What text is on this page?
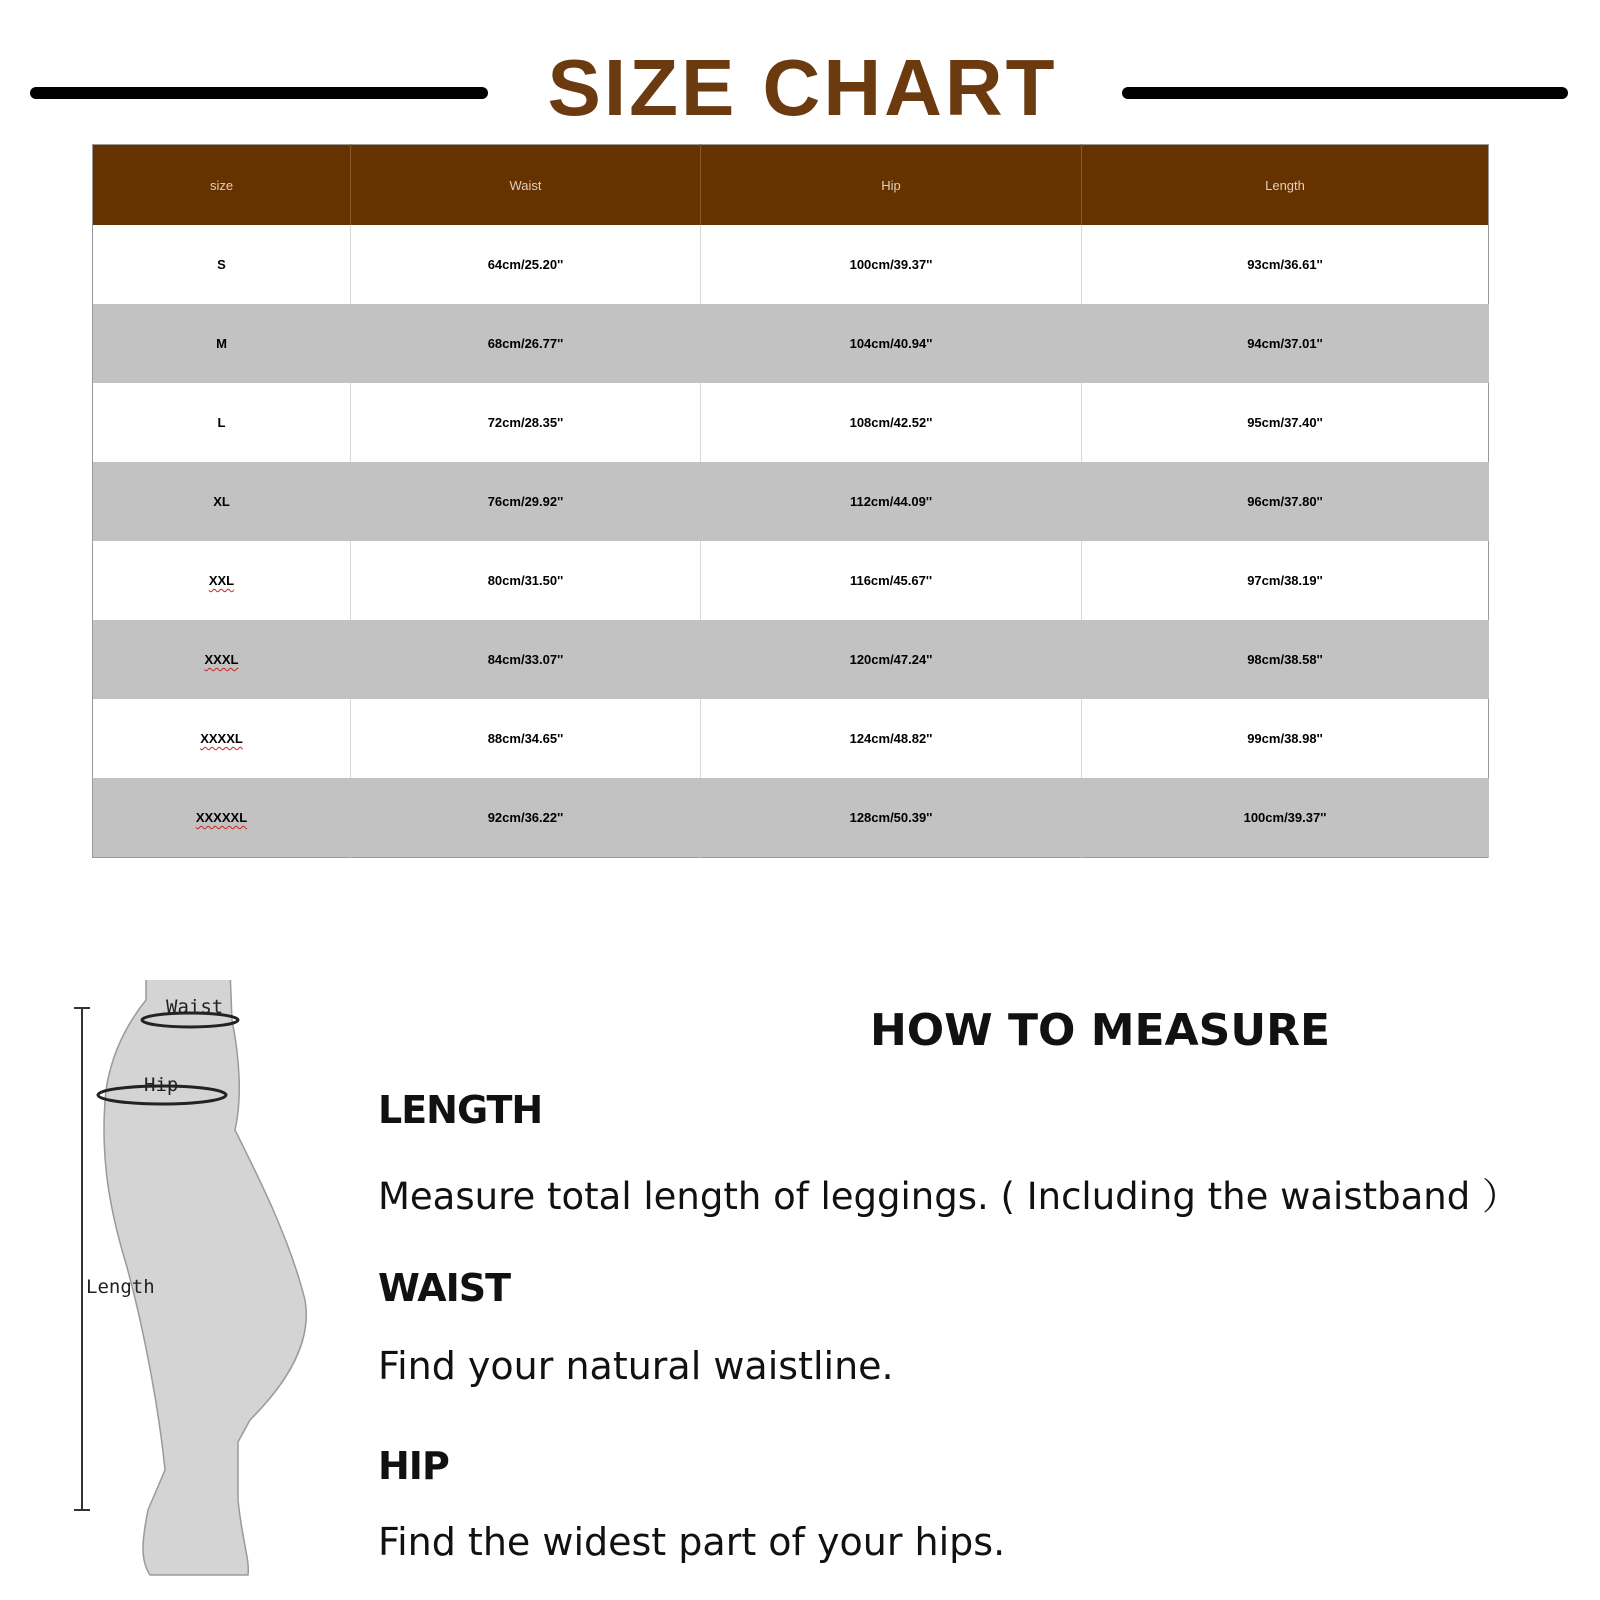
SIZE CHART
size	Waist	Hip	Length
S	64cm/25.20''	100cm/39.37''	93cm/36.61''
M	68cm/26.77''	104cm/40.94''	94cm/37.01''
L	72cm/28.35''	108cm/42.52''	95cm/37.40''
XL	76cm/29.92''	112cm/44.09''	96cm/37.80''
XXL	80cm/31.50''	116cm/45.67''	97cm/38.19''
XXXL	84cm/33.07''	120cm/47.24''	98cm/38.58''
XXXXL	88cm/34.65''	124cm/48.82''	99cm/38.98''
XXXXXL	92cm/36.22''	128cm/50.39''	100cm/39.37''
Waist
Hip
Length
HOW TO MEASURE
LENGTH
Measure total length of leggings. ( Including the waistband ）
WAIST
Find your natural waistline.
HIP
Find the widest part of your hips.
